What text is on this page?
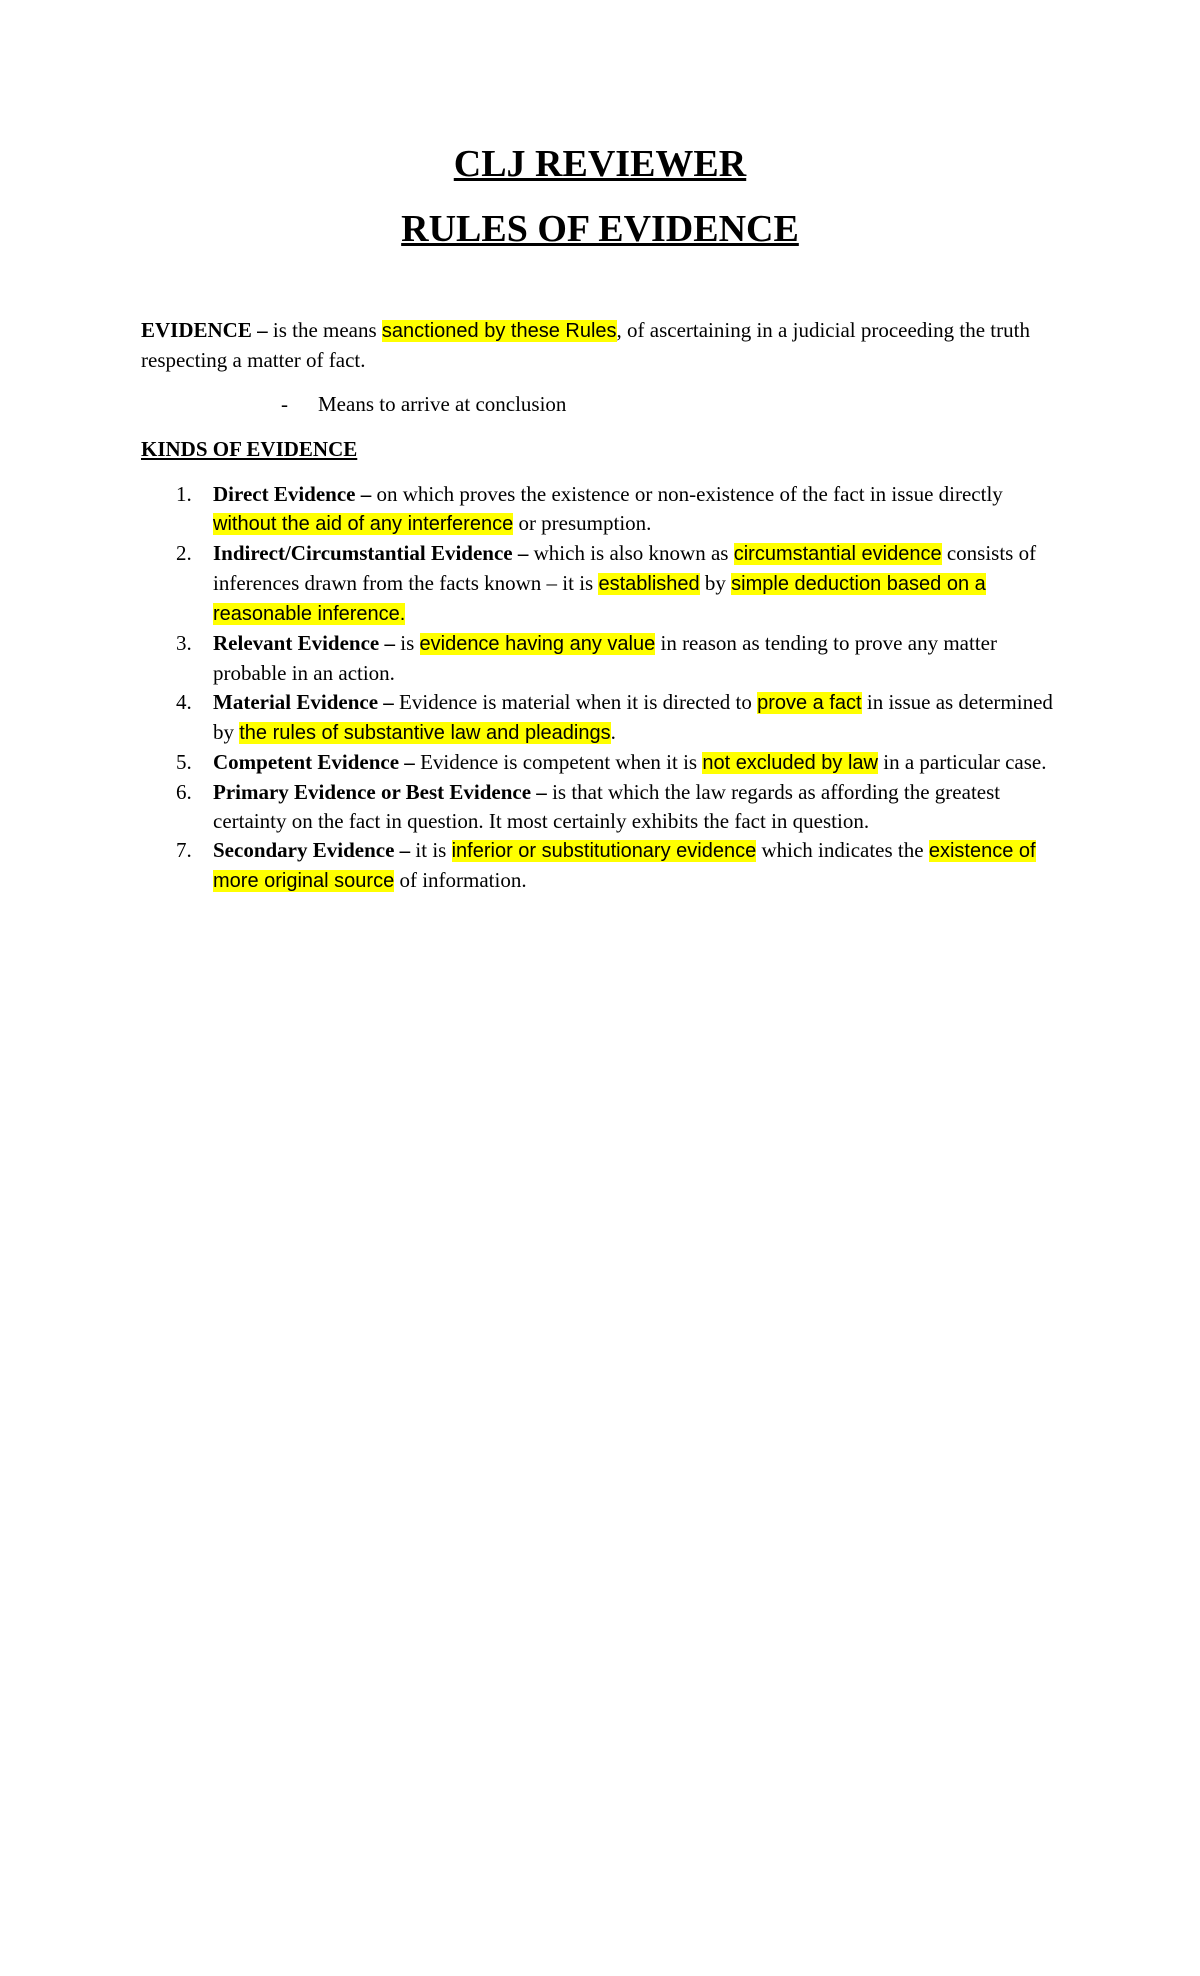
CLJ REVIEWER
RULES OF EVIDENCE
EVIDENCE – is the means sanctioned by these Rules, of ascertaining in a judicial proceeding the truth respecting a matter of fact.
- Means to arrive at conclusion
KINDS OF EVIDENCE
1. Direct Evidence – on which proves the existence or non-existence of the fact in issue directly without the aid of any interference or presumption.
2. Indirect/Circumstantial Evidence – which is also known as circumstantial evidence consists of inferences drawn from the facts known – it is established by simple deduction based on a reasonable inference.
3. Relevant Evidence – is evidence having any value in reason as tending to prove any matter probable in an action.
4. Material Evidence – Evidence is material when it is directed to prove a fact in issue as determined by the rules of substantive law and pleadings.
5. Competent Evidence – Evidence is competent when it is not excluded by law in a particular case.
6. Primary Evidence or Best Evidence – is that which the law regards as affording the greatest certainty on the fact in question. It most certainly exhibits the fact in question.
7. Secondary Evidence – it is inferior or substitutionary evidence which indicates the existence of more original source of information.
